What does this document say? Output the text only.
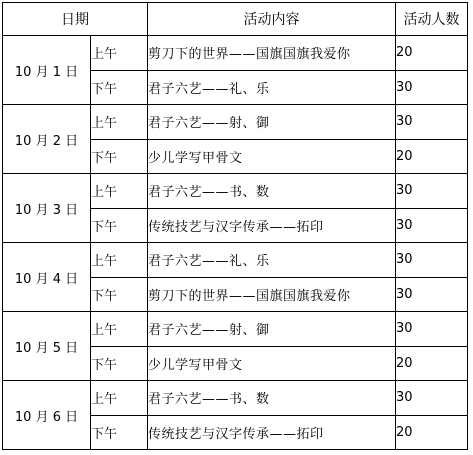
日期		活动内容	活动人数
10 月 1 日	上午	剪刀下的世界——国旗国旗我爱你	20
	下午	君子六艺——礼、乐	30
10 月 2 日	上午	君子六艺——射、御	30
	下午	少儿学写甲骨文	20
10 月 3 日	上午	君子六艺——书、数	30
	下午	传统技艺与汉字传承——拓印	30
10 月 4 日	上午	君子六艺——礼、乐	30
	下午	剪刀下的世界——国旗国旗我爱你	30
10 月 5 日	上午	君子六艺——射、御	30
	下午	少儿学写甲骨文	20
10 月 6 日	上午	君子六艺——书、数	30
	下午	传统技艺与汉字传承——拓印	20
